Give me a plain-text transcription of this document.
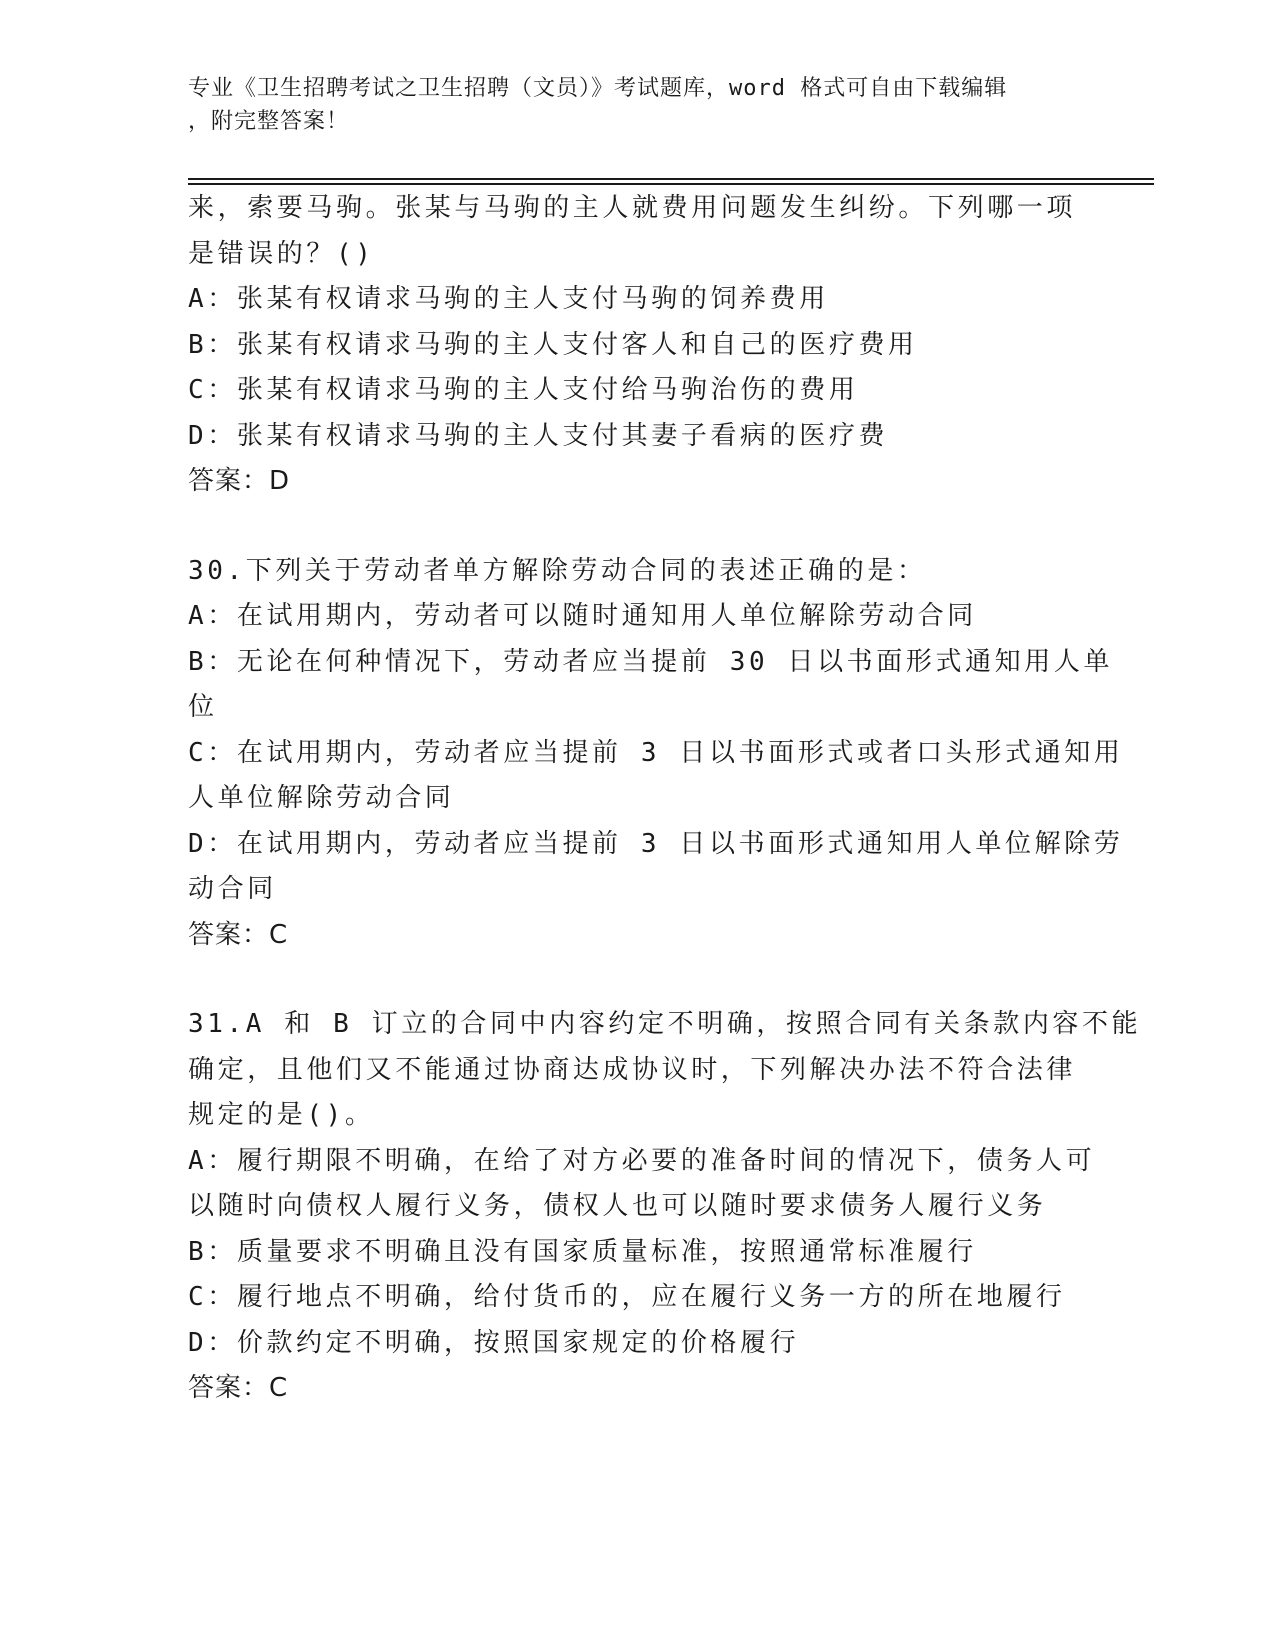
专业《卫生招聘考试之卫生招聘（文员）》考试题库，word 格式可自由下载编辑
，附完整答案！
来，索要马驹。张某与马驹的主人就费用问题发生纠纷。下列哪一项
是错误的？()
A：张某有权请求马驹的主人支付马驹的饲养费用
B：张某有权请求马驹的主人支付客人和自己的医疗费用
C：张某有权请求马驹的主人支付给马驹治伤的费用
D：张某有权请求马驹的主人支付其妻子看病的医疗费
答案：D
30.下列关于劳动者单方解除劳动合同的表述正确的是：
A：在试用期内，劳动者可以随时通知用人单位解除劳动合同
B：无论在何种情况下，劳动者应当提前 30 日以书面形式通知用人单
位
C：在试用期内，劳动者应当提前 3 日以书面形式或者口头形式通知用
人单位解除劳动合同
D：在试用期内，劳动者应当提前 3 日以书面形式通知用人单位解除劳
动合同
答案：C
31.A 和 B 订立的合同中内容约定不明确，按照合同有关条款内容不能
确定，且他们又不能通过协商达成协议时，下列解决办法不符合法律
规定的是()。
A：履行期限不明确，在给了对方必要的准备时间的情况下，债务人可
以随时向债权人履行义务，债权人也可以随时要求债务人履行义务
B：质量要求不明确且没有国家质量标准，按照通常标准履行
C：履行地点不明确，给付货币的，应在履行义务一方的所在地履行
D：价款约定不明确，按照国家规定的价格履行
答案：C
